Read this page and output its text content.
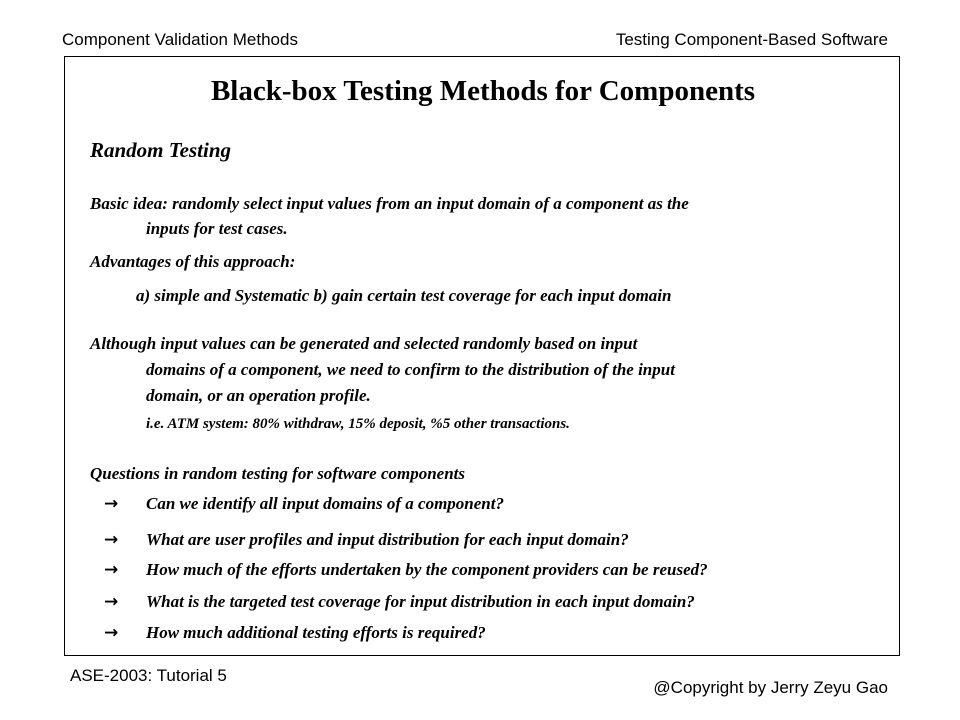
Component Validation Methods	Testing Component-Based Software
Black-box Testing Methods for Components
Random Testing
Basic idea: randomly select input values from an input domain of a component as the
inputs for test cases.
Advantages of this approach:
a) simple and Systematic b) gain certain test coverage for each input domain
Although input values can be generated and selected randomly based on input
domains of a component, we need to confirm to the distribution of the input
domain, or an operation profile.
i.e. ATM system: 80% withdraw, 15% deposit, %5 other transactions.
Questions in random testing for software components
→ Can we identify all input domains of a component?
→ What are user profiles and input distribution for each input domain?
→ How much of the efforts undertaken by the component providers can be reused?
→ What is the targeted test coverage for input distribution in each input domain?
→ How much additional testing efforts is required?
ASE-2003: Tutorial 5
@Copyright by Jerry Zeyu Gao
